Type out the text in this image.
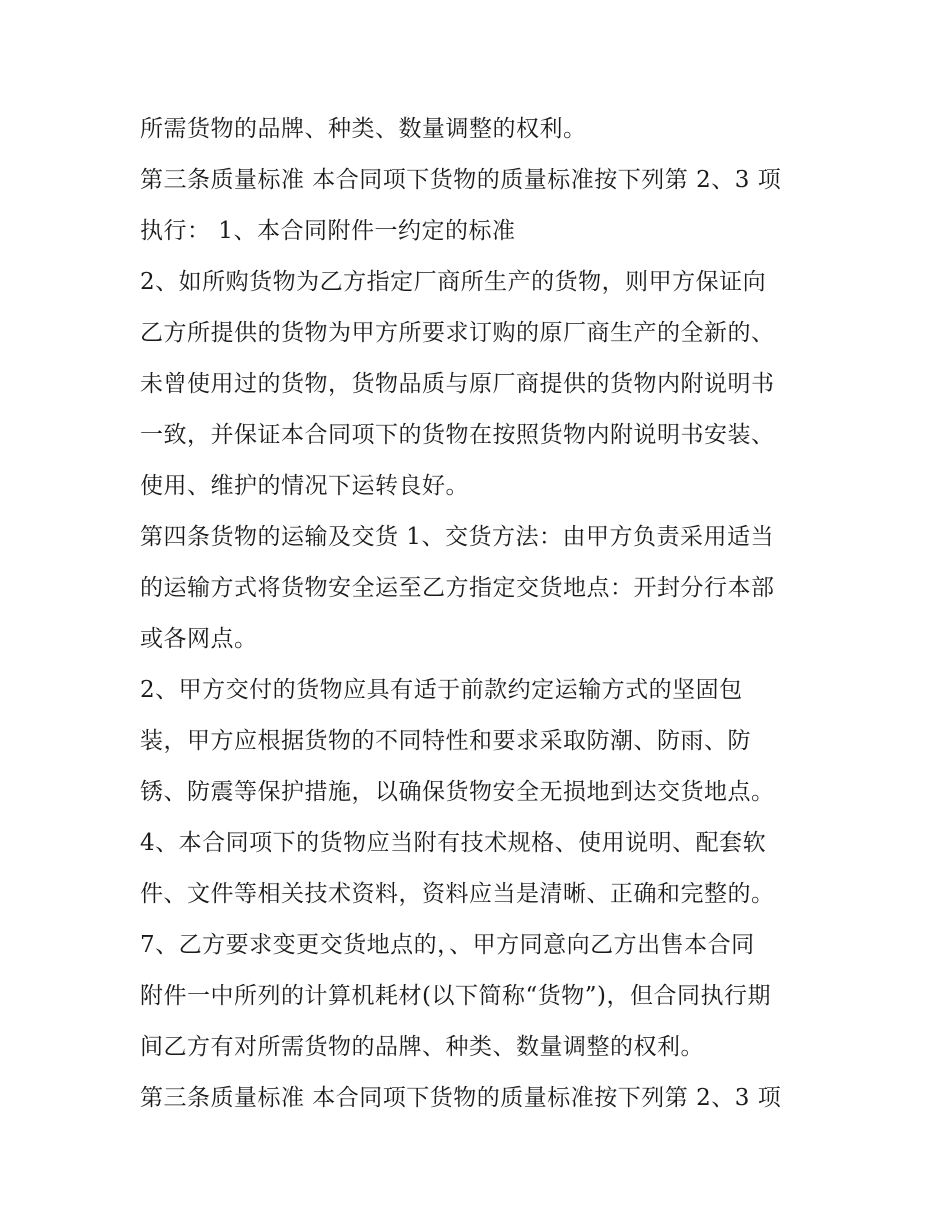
所需货物的品牌、种类、数量调整的权利。
第三条质量标准 本合同项下货物的质量标准按下列第 2、3 项
执行： 1、本合同附件一约定的标准
2、如所购货物为乙方指定厂商所生产的货物，则甲方保证向
乙方所提供的货物为甲方所要求订购的原厂商生产的全新的、
未曾使用过的货物，货物品质与原厂商提供的货物内附说明书
一致，并保证本合同项下的货物在按照货物内附说明书安装、
使用、维护的情况下运转良好。
第四条货物的运输及交货 1、交货方法：由甲方负责采用适当
的运输方式将货物安全运至乙方指定交货地点：开封分行本部
或各网点。
2、甲方交付的货物应具有适于前款约定运输方式的坚固包
装，甲方应根据货物的不同特性和要求采取防潮、防雨、防
锈、防震等保护措施，以确保货物安全无损地到达交货地点。
4、本合同项下的货物应当附有技术规格、使用说明、配套软
件、文件等相关技术资料，资料应当是清晰、正确和完整的。
7、乙方要求变更交货地点的，、甲方同意向乙方出售本合同
附件一中所列的计算机耗材(以下简称“货物”)，但合同执行期
间乙方有对所需货物的品牌、种类、数量调整的权利。
第三条质量标准 本合同项下货物的质量标准按下列第 2、3 项
